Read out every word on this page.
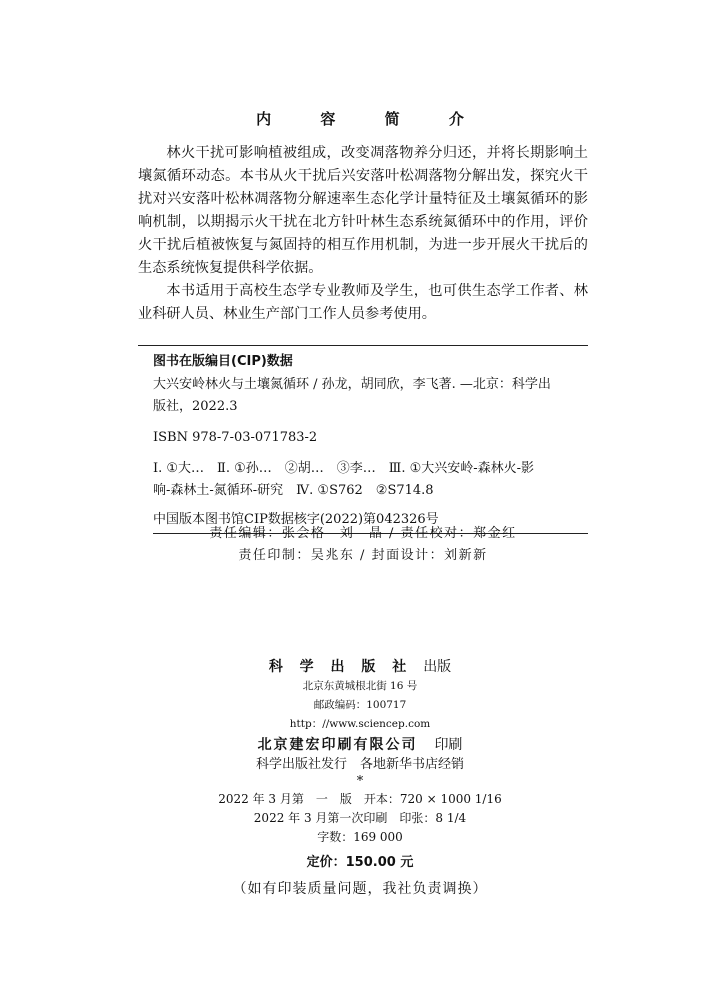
内 容 简 介

林火干扰可影响植被组成，改变凋落物养分归还，并将长期影响土壤氮循环动态。本书从火干扰后兴安落叶松凋落物分解出发，探究火干扰对兴安落叶松林凋落物分解速率生态化学计量特征及土壤氮循环的影响机制，以期揭示火干扰在北方针叶林生态系统氮循环中的作用，评价火干扰后植被恢复与氮固持的相互作用机制，为进一步开展火干扰后的生态系统恢复提供科学依据。

本书适用于高校生态学专业教师及学生，也可供生态学工作者、林业科研人员、林业生产部门工作人员参考使用。

图书在版编目(CIP)数据
大兴安岭林火与土壤氮循环 / 孙龙，胡同欣，李飞著. —北京：科学出
版社，2022.3
ISBN 978-7-03-071783-2
Ⅰ. ①大…　Ⅱ. ①孙…　②胡…　③李…　Ⅲ. ①大兴安岭-森林火-影
响-森林土-氮循环-研究　Ⅳ. ①S762　②S714.8
中国版本图书馆CIP数据核字(2022)第042326号
责任编辑：张会格　刘　晶 / 责任校对：郑金红
责任印制：吴兆东 / 封面设计：刘新新
科 学 出 版 社 出版
北京东黄城根北街 16 号
邮政编码：100717
http：//www.sciencep.com
北京建宏印刷有限公司 印刷
科学出版社发行　各地新华书店经销
*
2022 年 3 月第　一　版　开本：720 × 1000 1/16
2022 年 3 月第一次印刷　印张：8 1/4
字数：169 000
定价：150.00 元
（如有印装质量问题，我社负责调换）
